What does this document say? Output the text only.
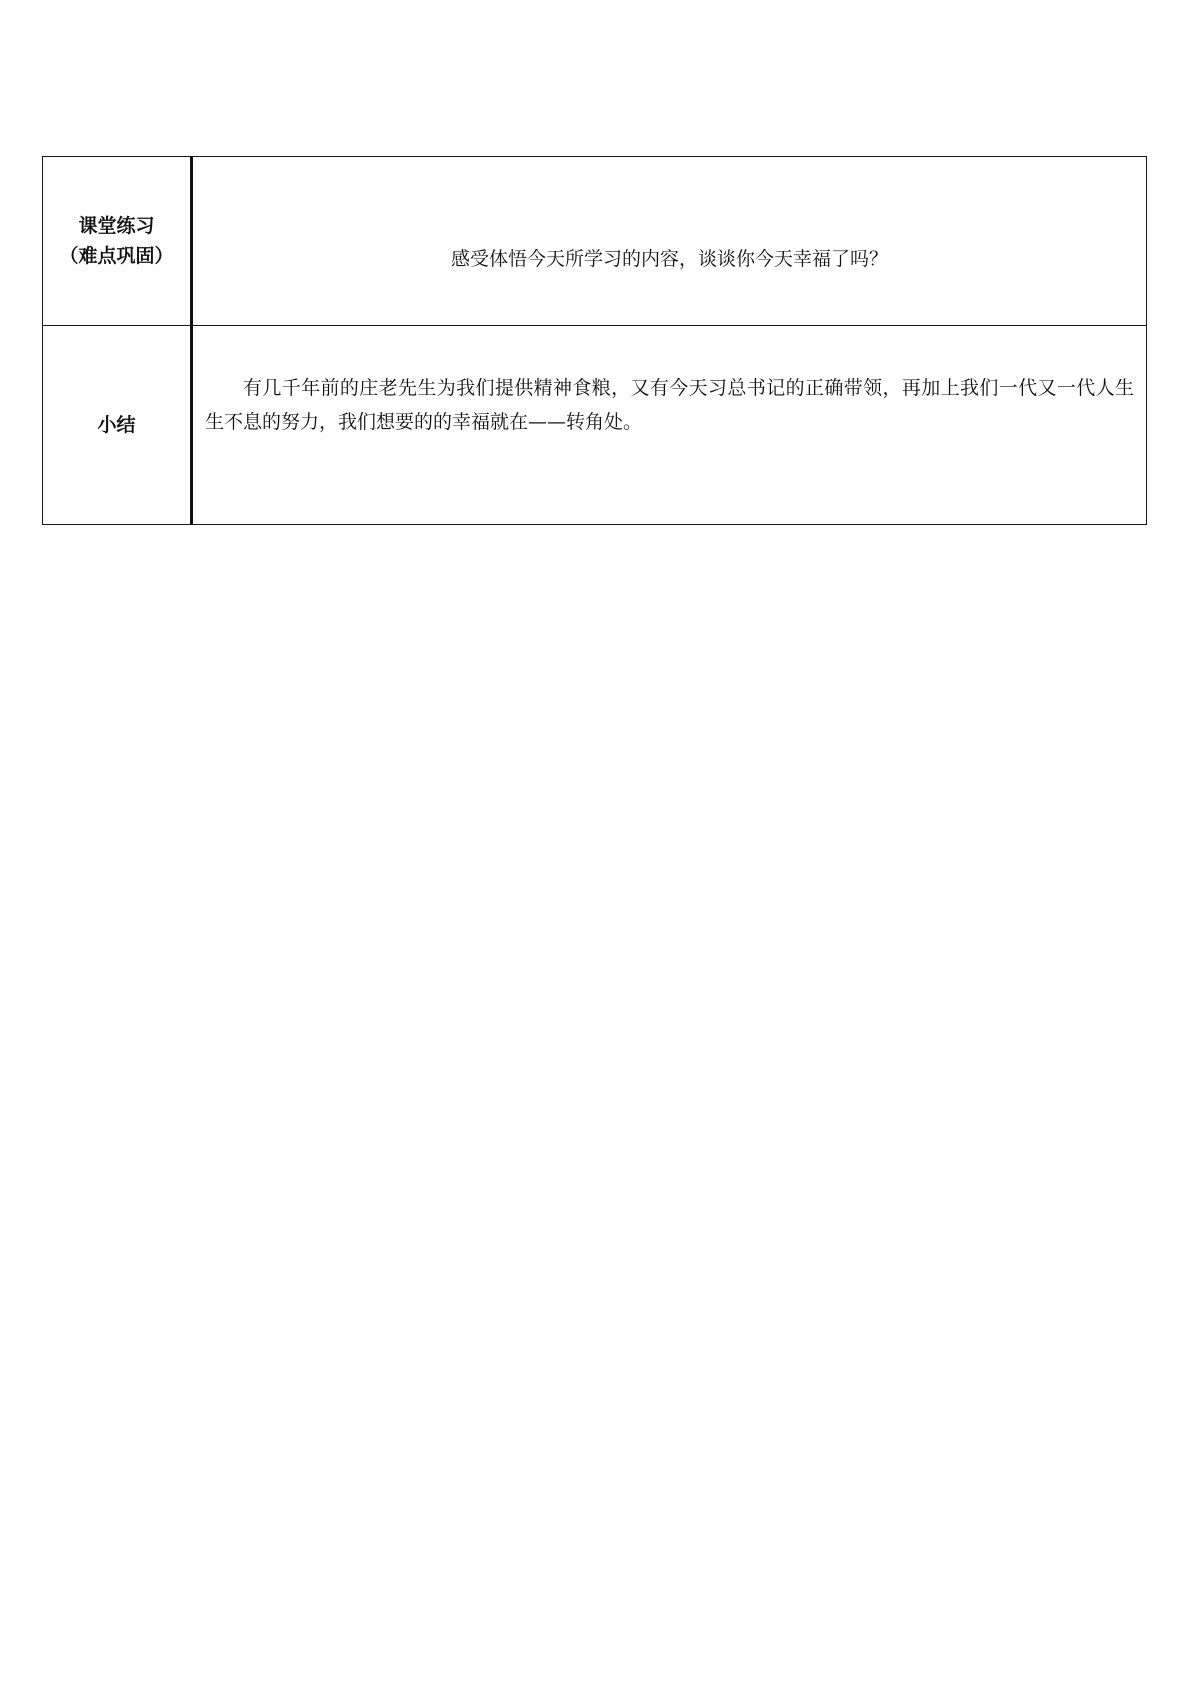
课堂练习
（难点巩固）	感受体悟今天所学习的内容，谈谈你今天幸福了吗？

小结	有几千年前的庄老先生为我们提供精神食粮，又有今天习总书记的正确带领，再加上我们一代又一代人生生不息的努力，我们想要的的幸福就在——转角处。
